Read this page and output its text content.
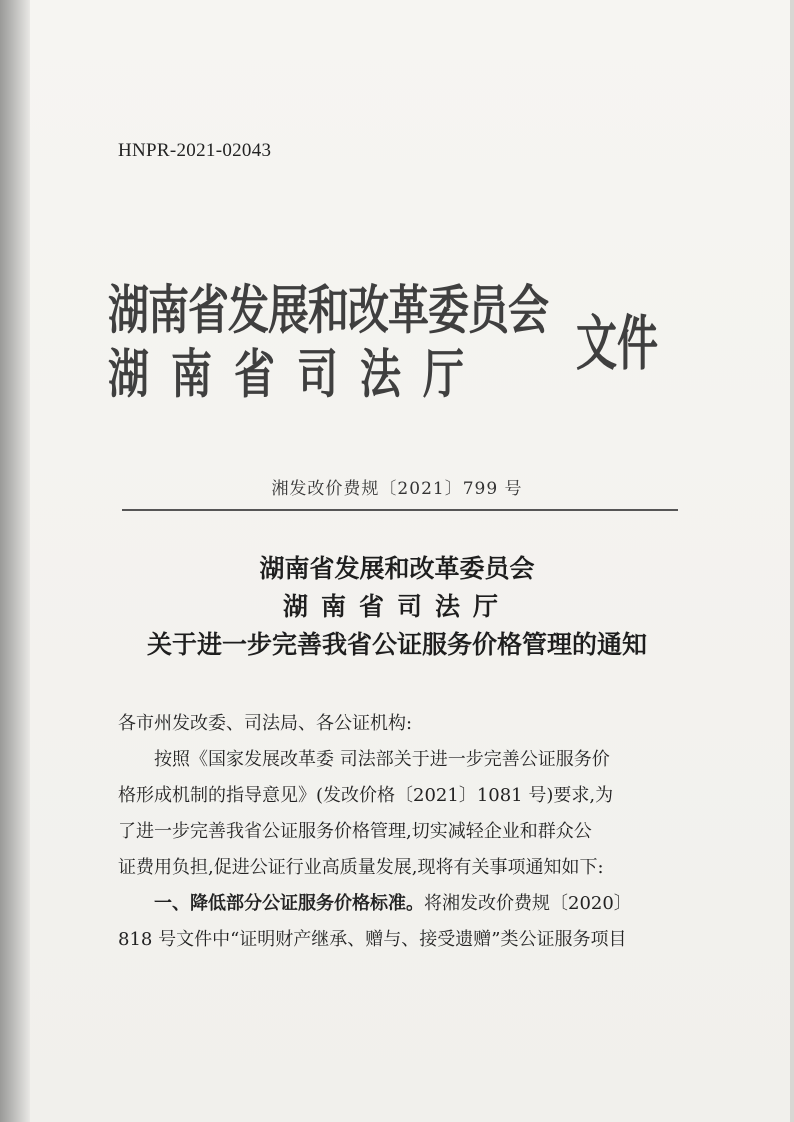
HNPR-2021-02043
湖南省发展和改革委员会
湖南省司法厅 文件
湘发改价费规〔2021〕799 号
湖南省发展和改革委员会
湖南省司法厅
关于进一步完善我省公证服务价格管理的通知

各市州发改委、司法局、各公证机构:

按照《国家发展改革委 司法部关于进一步完善公证服务价

格形成机制的指导意见》(发改价格〔2021〕1081 号)要求,为

了进一步完善我省公证服务价格管理,切实减轻企业和群众公

证费用负担,促进公证行业高质量发展,现将有关事项通知如下:

一、降低部分公证服务价格标准。将湘发改价费规〔2020〕

818 号文件中“证明财产继承、赠与、接受遗赠”类公证服务项目
